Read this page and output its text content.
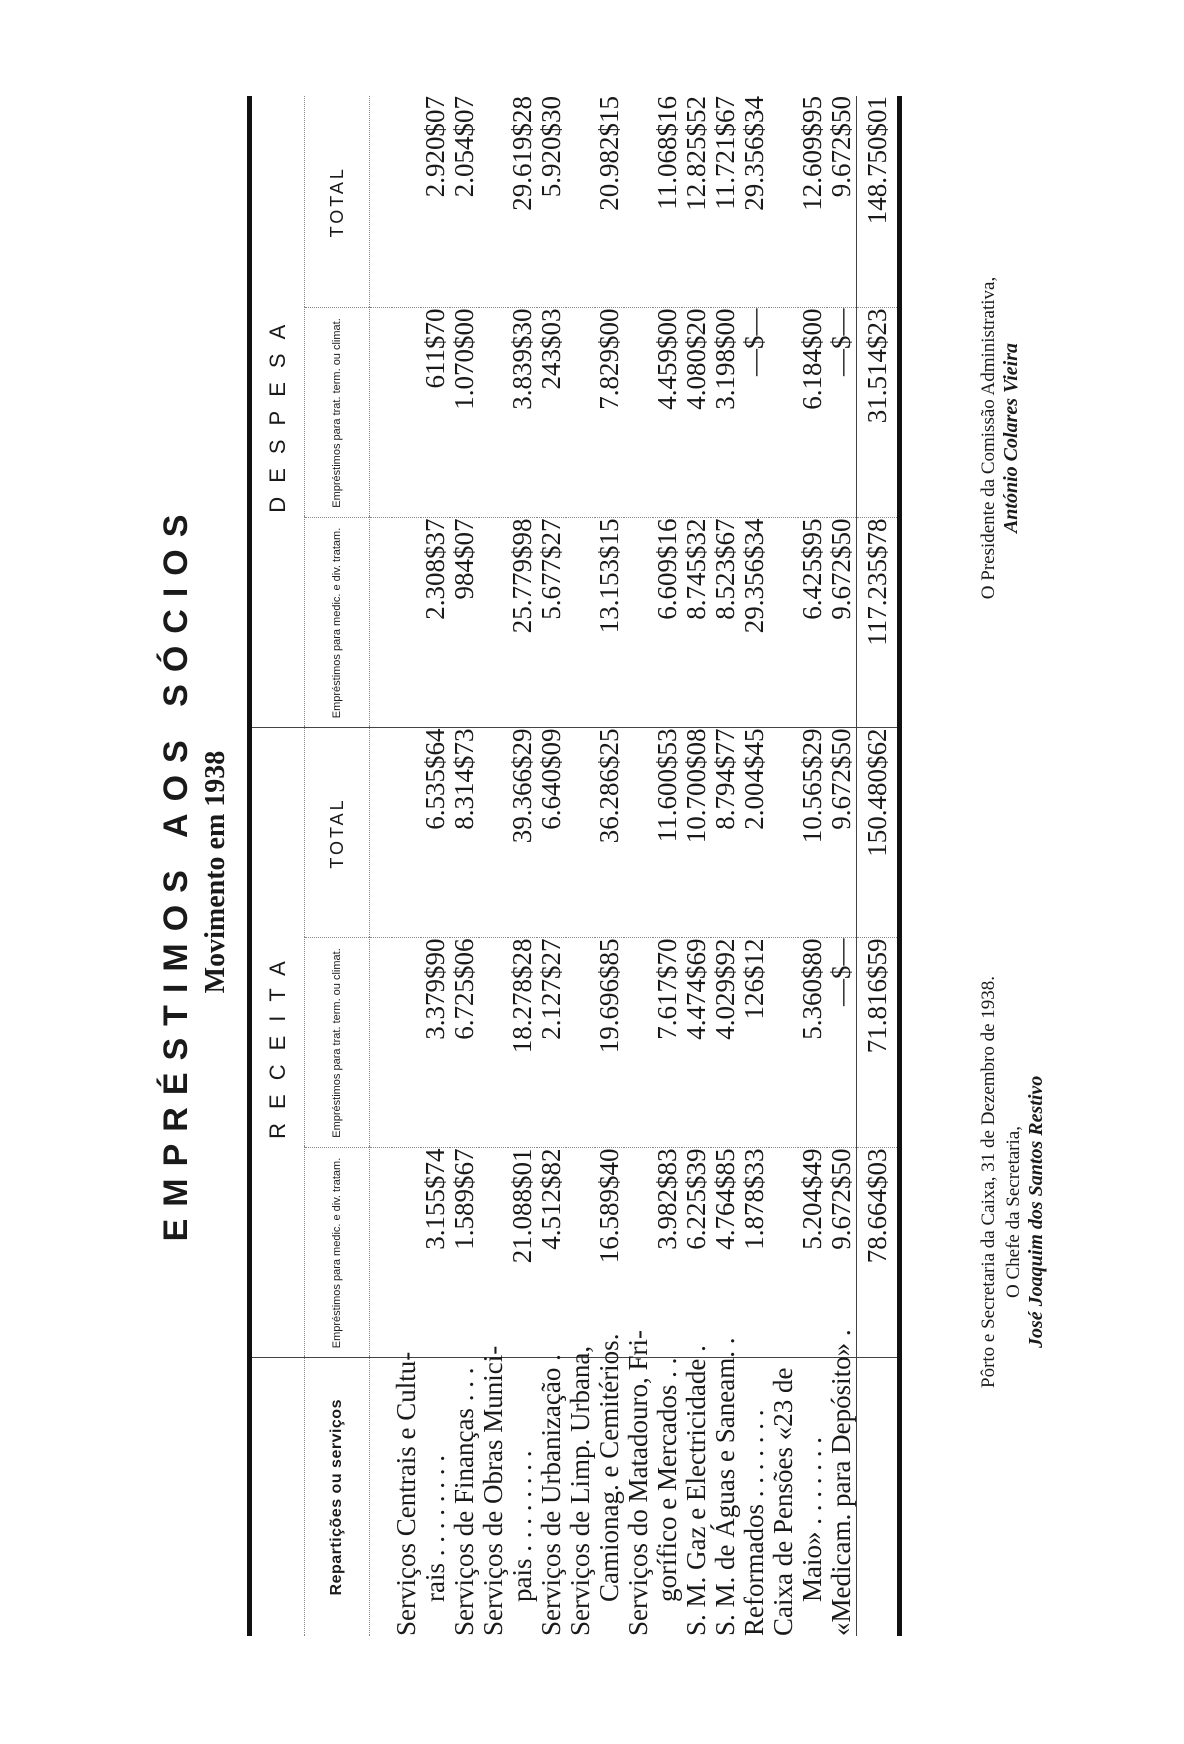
EMPRÉSTIMOS AOS SÓCIOS Movimento em 1938
	RECEITA			DESPESA		
Repartições ou serviços	Empréstimos para medic. e div. tratam.	Empréstimos para trat. term. ou climat.	TOTAL	Empréstimos para medic. e div. tratam.	Empréstimos para trat. term. ou climat.	TOTAL

Serviços Centrais e Cultu-						
rais . . . . . . . .	3.155$74	3.379$90	6.535$64	2.308$37	611$70	2.920$07
Serviços de Finanças . . .	1.589$67	6.725$06	8.314$73	984$07	1.070$00	2.054$07
Serviços de Obras Munici-						
pais . . . . . . . .	21.088$01	18.278$28	39.366$29	25.779$98	3.839$30	29.619$28
Serviços de Urbanização .	4.512$82	2.127$27	6.640$09	5.677$27	243$03	5.920$30
Serviços de Limp. Urbana,						
Camionag. e Cemitérios.	16.589$40	19.696$85	36.286$25	13.153$15	7.829$00	20.982$15
Serviços do Matadouro, Fri-						
gorífico e Mercados . .	3.982$83	7.617$70	11.600$53	6.609$16	4.459$00	11.068$16
S. M. Gaz e Electricidade .	6.225$39	4.474$69	10.700$08	8.745$32	4.080$20	12.825$52
S. M. de Águas e Saneam. .	4.764$85	4.029$92	8.794$77	8.523$67	3.198$00	11.721$67
Reformados . . . . . . .	1.878$33	126$12	2.004$45	29.356$34	—$—	29.356$34
Caixa de Pensões «23 de						
Maio» . . . . . . .	5.204$49	5.360$80	10.565$29	6.425$95	6.184$00	12.609$95
«Medicam. para Depósito» .	9.672$50	—$—	9.672$50	9.672$50	—$—	9.672$50
	78.664$03	71.816$59	150.480$62	117.235$78	31.514$23	148.750$01
Pôrto e Secretaria da Caixa, 31 de Dezembro de 1938. O Chefe da Secretaria, José Joaquim dos Santos Restivo
O Presidente da Comissão Administrativa, António Colares Vieira
